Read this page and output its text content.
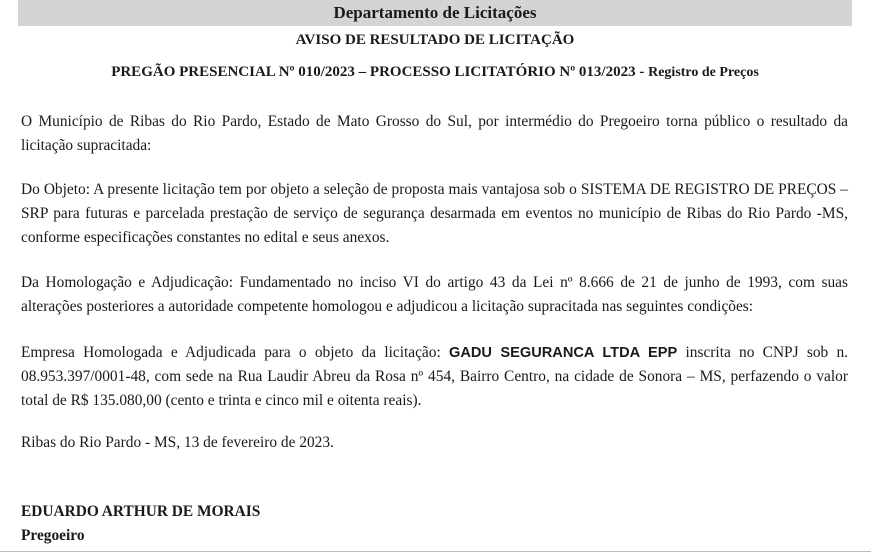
Departamento de Licitações
AVISO DE RESULTADO DE LICITAÇÃO
PREGÃO PRESENCIAL Nº 010/2023 – PROCESSO LICITATÓRIO Nº 013/2023 - Registro de Preços

O Município de Ribas do Rio Pardo, Estado de Mato Grosso do Sul, por intermédio do Pregoeiro torna público o resultado da licitação supracitada:

Do Objeto: A presente licitação tem por objeto a seleção de proposta mais vantajosa sob o SISTEMA DE REGISTRO DE PREÇOS – SRP para futuras e parcelada prestação de serviço de segurança desarmada em eventos no município de Ribas do Rio Pardo -MS, conforme especificações constantes no edital e seus anexos.

Da Homologação e Adjudicação: Fundamentado no inciso VI do artigo 43 da Lei nº 8.666 de 21 de junho de 1993, com suas alterações posteriores a autoridade competente homologou e adjudicou a licitação supracitada nas seguintes condições:

Empresa Homologada e Adjudicada para o objeto da licitação: GADU SEGURANCA LTDA EPP inscrita no CNPJ sob n. 08.953.397/0001-48, com sede na Rua Laudir Abreu da Rosa nº 454, Bairro Centro, na cidade de Sonora – MS, perfazendo o valor total de R$ 135.080,00 (cento e trinta e cinco mil e oitenta reais).

Ribas do Rio Pardo - MS, 13 de fevereiro de 2023.

EDUARDO ARTHUR DE MORAIS
Pregoeiro
